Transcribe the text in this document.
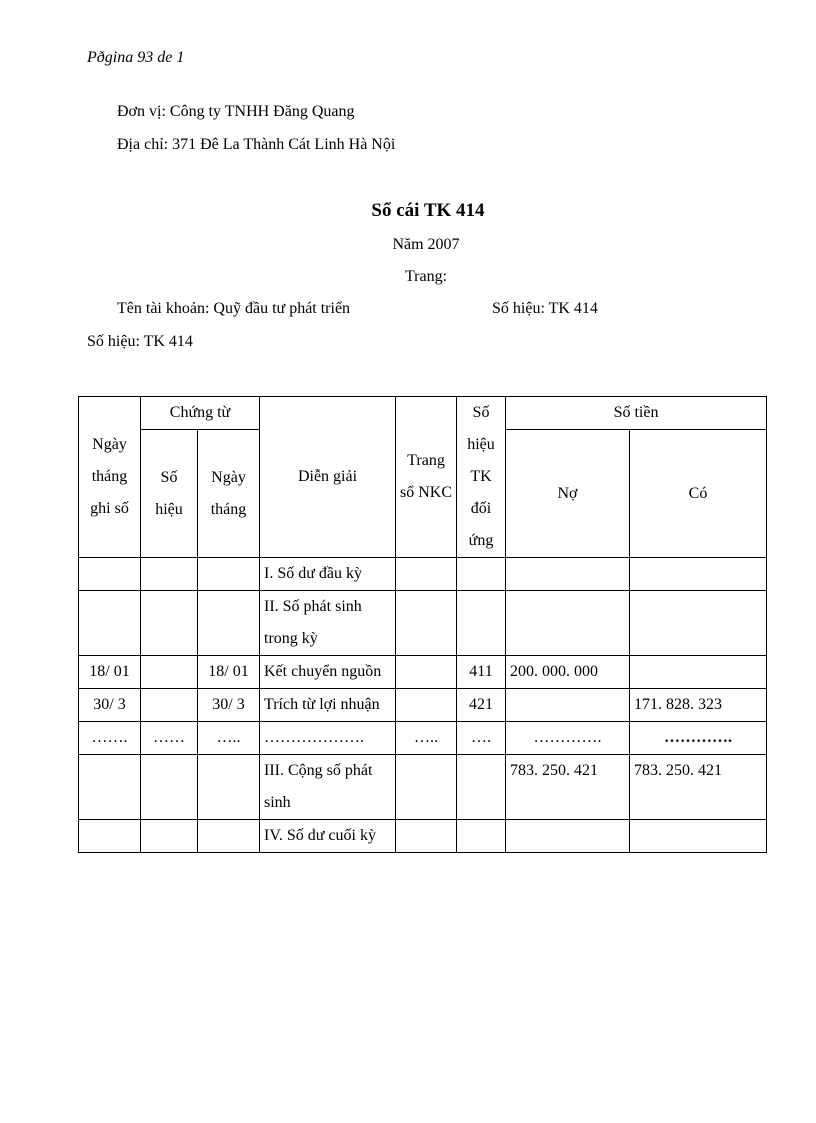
Pðgina 93 de 1
Đơn vị: Công ty TNHH Đăng Quang
Địa chỉ: 371 Đê La Thành Cát Linh Hà Nội
Sổ cái TK 414
Năm 2007
Trang:
Tên tài khoản: Quỹ đầu tư phát triển	Số hiệu: TK 414
Số hiệu: TK 414
Ngày tháng ghi số	Chứng từ		Diễn giải	Trang sổ NKC	Số hiệu TK đối ứng	Số tiền	
	Số hiệu	Ngày tháng				Nợ	Có
			I. Số dư đầu kỳ				
			II. Số phát sinh trong kỳ				
18/ 01		18/ 01	Kết chuyển nguồn		411	200. 000. 000	
30/ 3		30/ 3	Trích từ lợi nhuận		421		171. 828. 323
…….	……	…..	……………….	…..	….	………….	………….
			III. Cộng số phát sinh			783. 250. 421	783. 250. 421
			IV. Số dư cuối kỳ				
